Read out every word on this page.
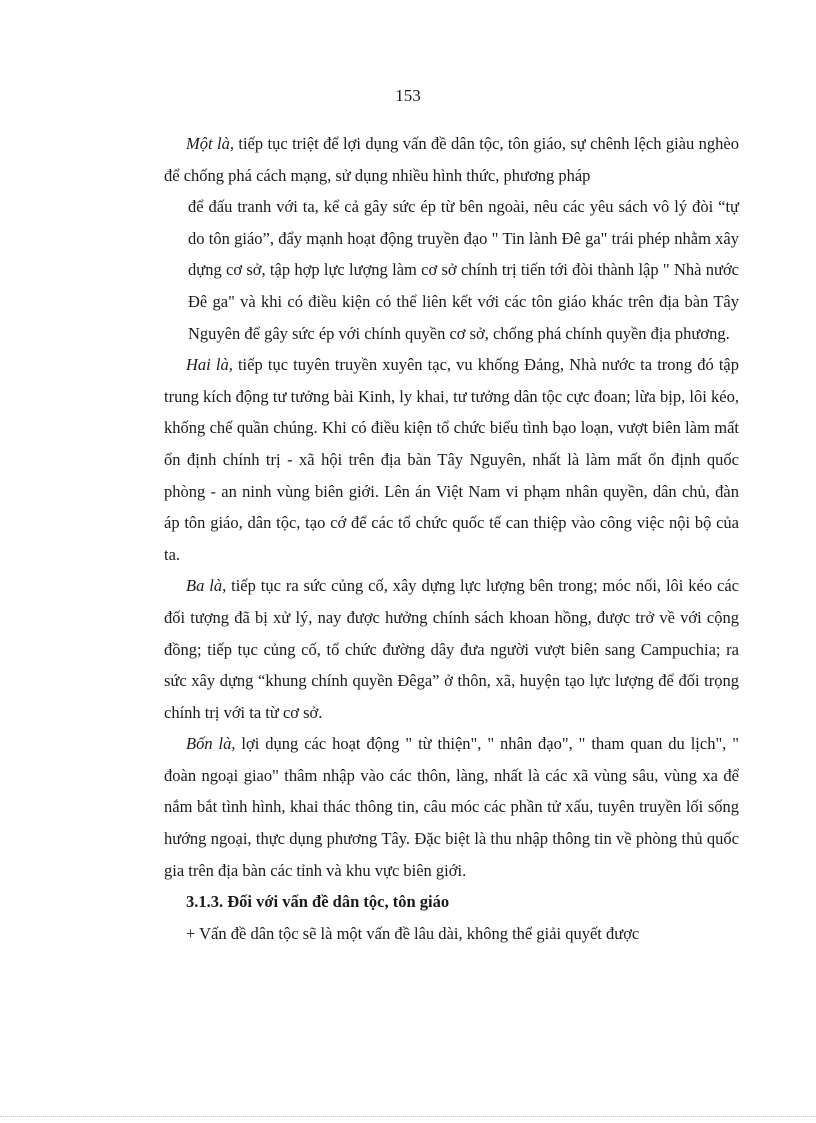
153

Một là, tiếp tục triệt để lợi dụng vấn đề dân tộc, tôn giáo, sự chênh lệch giàu nghèo để chống phá cách mạng, sử dụng nhiều hình thức, phương pháp

để đấu tranh với ta, kể cả gây sức ép từ bên ngoài, nêu các yêu sách vô lý đòi “tự do tôn giáo”, đẩy mạnh hoạt động truyền đạo " Tin lành Đê ga" trái phép nhằm xây dựng cơ sở, tập hợp lực lượng làm cơ sở chính trị tiến tới đòi thành lập " Nhà nước Đê ga" và khi có điều kiện có thể liên kết với các tôn giáo khác trên địa bàn Tây Nguyên để gây sức ép với chính quyền cơ sở, chống phá chính quyền địa phương.

Hai là, tiếp tục tuyên truyền xuyên tạc, vu khống Đảng, Nhà nước ta trong đó tập trung kích động tư tưởng bài Kinh, ly khai, tư tưởng dân tộc cực đoan; lừa bịp, lôi kéo, khống chế quần chúng. Khi có điều kiện tổ chức biểu tình bạo loạn, vượt biên làm mất ổn định chính trị - xã hội trên địa bàn Tây Nguyên, nhất là làm mất ổn định quốc phòng - an ninh vùng biên giới. Lên án Việt Nam vi phạm nhân quyền, dân chủ, đàn áp tôn giáo, dân tộc, tạo cớ để các tổ chức quốc tế can thiệp vào công việc nội bộ của ta.

Ba là, tiếp tục ra sức củng cố, xây dựng lực lượng bên trong; móc nối, lôi kéo các đối tượng đã bị xử lý, nay được hưởng chính sách khoan hồng, được trở về với cộng đồng; tiếp tục củng cố, tổ chức đường dây đưa người vượt biên sang Campuchia; ra sức xây dựng “khung chính quyền Đêga” ở thôn, xã, huyện tạo lực lượng để đối trọng chính trị với ta từ cơ sở.

Bốn là, lợi dụng các hoạt động " từ thiện", " nhân đạo", " tham quan du lịch", " đoàn ngoại giao" thâm nhập vào các thôn, làng, nhất là các xã vùng sâu, vùng xa để nắm bắt tình hình, khai thác thông tin, câu móc các phần tử xấu, tuyên truyền lối sống hướng ngoại, thực dụng phương Tây. Đặc biệt là thu nhập thông tin về phòng thủ quốc gia trên địa bàn các tỉnh và khu vực biên giới.

3.1.3. Đối với vấn đề dân tộc, tôn giáo

+ Vấn đề dân tộc sẽ là một vấn đề lâu dài, không thể giải quyết được
